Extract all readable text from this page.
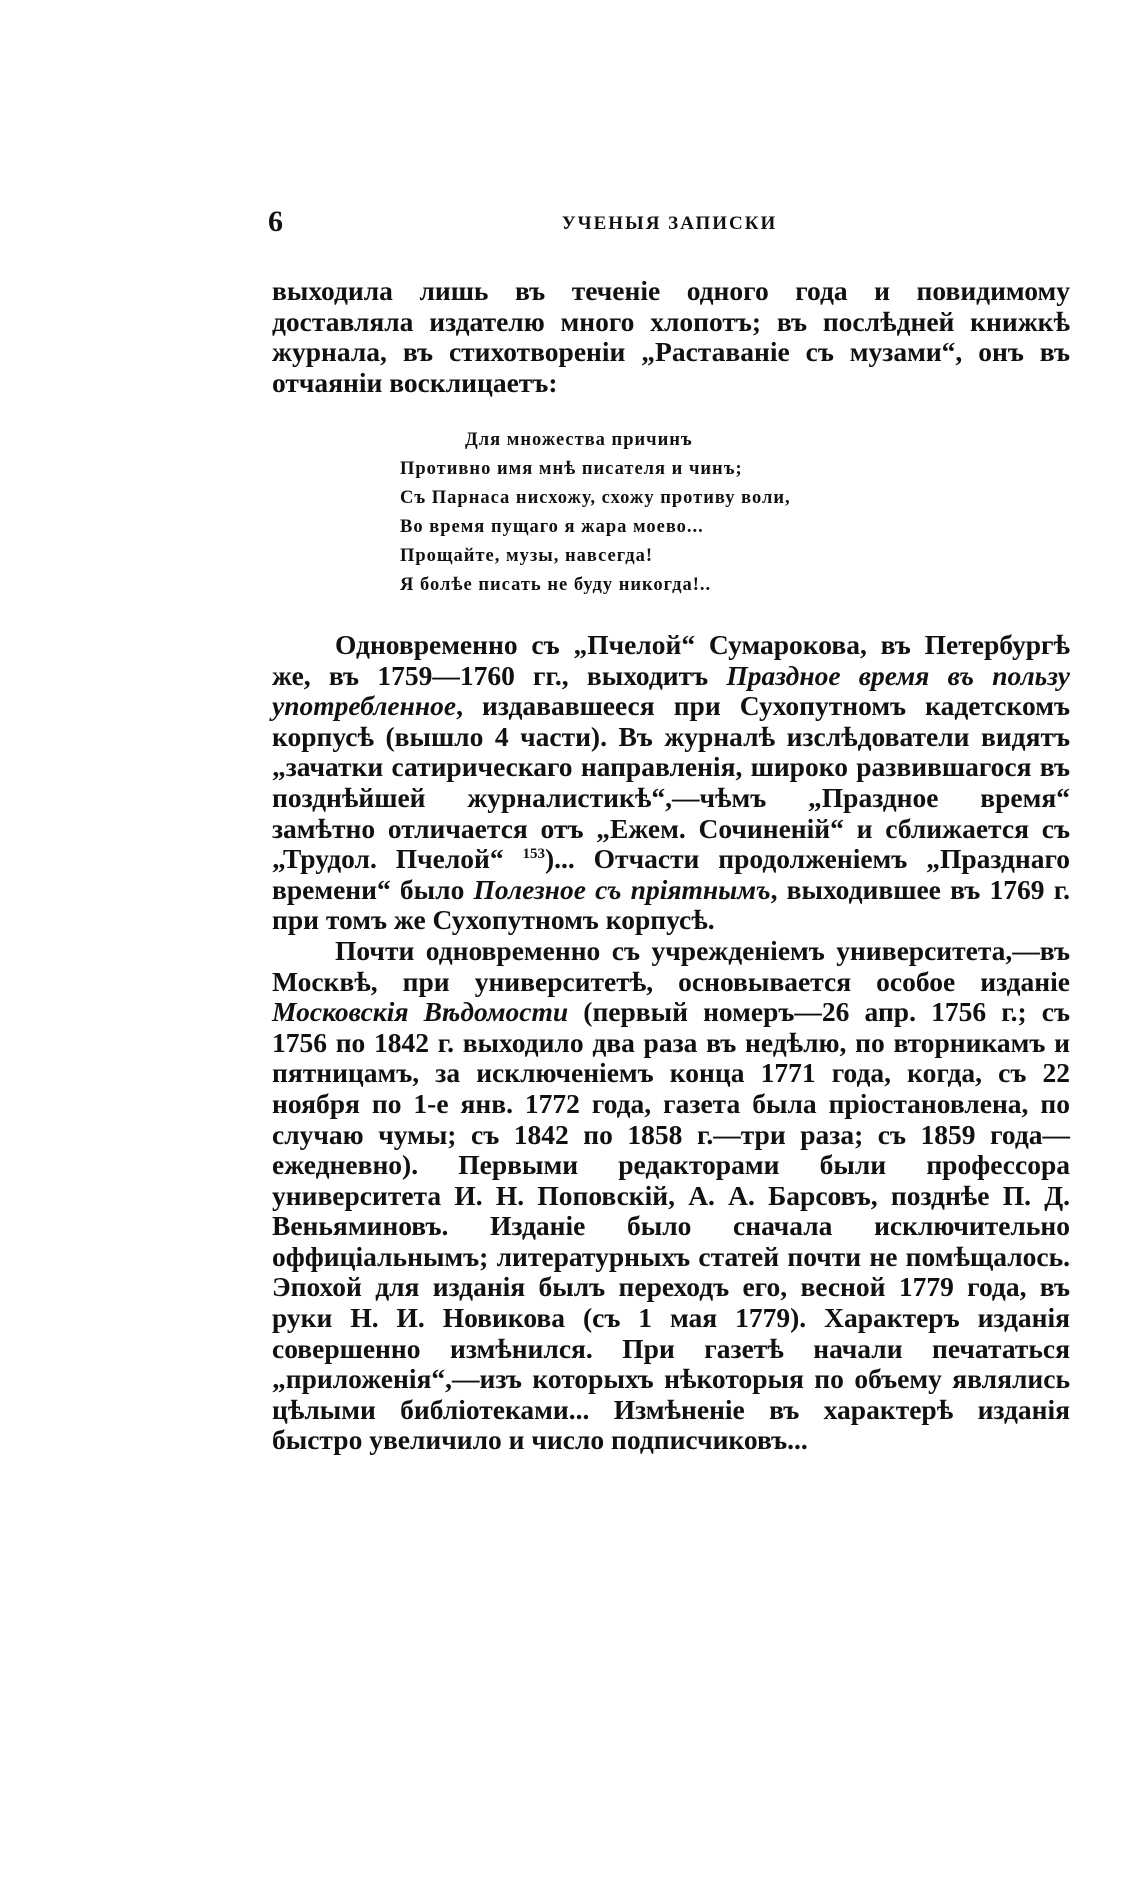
6	УЧЕНЫЯ ЗАПИСКИ

выходила лишь въ теченіе одного года и повидимому доставляла издателю много хлопотъ; въ послѣдней книжкѣ журнала, въ стихотвореніи „Раставаніе съ музами“, онъ въ отчаяніи восклицаетъ:

Для множества причинъ
Противно имя мнѣ писателя и чинъ;
Съ Парнаса нисхожу, схожу противу воли,
Во время пущаго я жара моево...
Прощайте, музы, навсегда!
Я болѣе писать не буду никогда!..

Одновременно съ „Пчелой“ Сумарокова, въ Петербургѣ же, въ 1759—1760 гг., выходитъ Праздное время въ пользу употребленное, издававшееся при Сухопутномъ кадетскомъ корпусѣ (вышло 4 части). Въ журналѣ изслѣдователи видятъ „зачатки сатирическаго направленія, широко развившагося въ позднѣйшей журналистикѣ“,—чѣмъ „Праздное время“ замѣтно отличается отъ „Ежем. Сочиненій“ и сближается съ „Трудол. Пчелой“ $^{153}$)... Отчасти продолженіемъ „Празднаго времени“ было Полезное съ пріятнымъ, выходившее въ 1769 г. при томъ же Сухопутномъ корпусѣ.

Почти одновременно съ учрежденіемъ университета,—въ Москвѣ, при университетѣ, основывается особое изданіе Московскія Вѣдомости (первый номеръ—26 апр. 1756 г.; съ 1756 по 1842 г. выходило два раза въ недѣлю, по вторникамъ и пятницамъ, за исключеніемъ конца 1771 года, когда, съ 22 ноября по 1-е янв. 1772 года, газета была пріостановлена, по случаю чумы; съ 1842 по 1858 г.—три раза; съ 1859 года—ежедневно). Первыми редакторами были профессора университета И. Н. Поповскій, А. А. Барсовъ, позднѣе П. Д. Веньяминовъ. Изданіе было сначала исключительно оффиціальнымъ; литературныхъ статей почти не помѣщалось. Эпохой для изданія былъ переходъ его, весной 1779 года, въ руки Н. И. Новикова (съ 1 мая 1779). Характеръ изданія совершенно измѣнился. При газетѣ начали печататься „приложенія“,—изъ которыхъ нѣкоторыя по объему являлись цѣлыми библіотеками... Измѣненіе въ характерѣ изданія быстро увеличило и число подписчиковъ...
